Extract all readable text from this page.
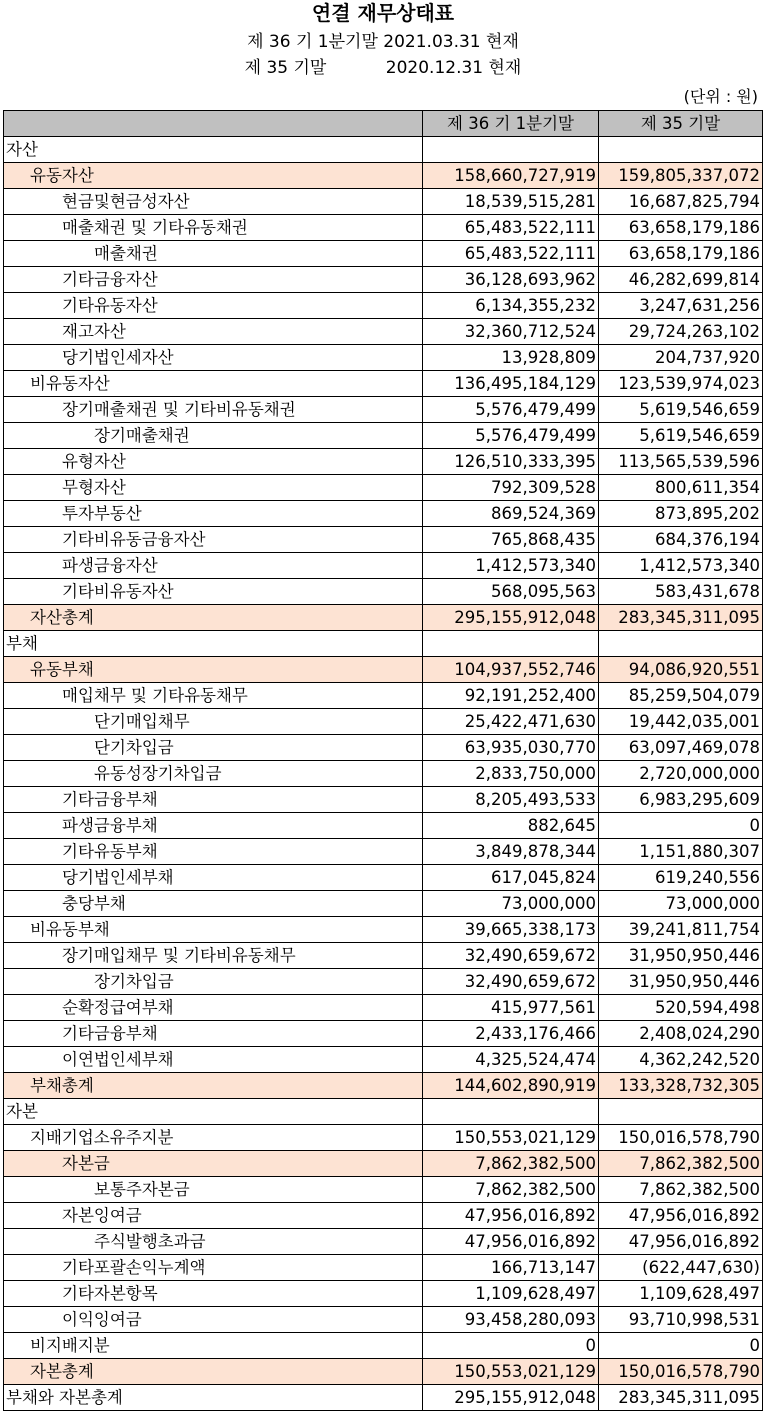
연결 재무상태표
제 36 기 1분기말 2021.03.31 현재
제 35 기말           2020.12.31 현재
(단위 : 원)
	제 36 기 1분기말	제 35 기말
자산		
유동자산	158,660,727,919	159,805,337,072
현금및현금성자산	18,539,515,281	16,687,825,794
매출채권 및 기타유동채권	65,483,522,111	63,658,179,186
매출채권	65,483,522,111	63,658,179,186
기타금융자산	36,128,693,962	46,282,699,814
기타유동자산	6,134,355,232	3,247,631,256
재고자산	32,360,712,524	29,724,263,102
당기법인세자산	13,928,809	204,737,920
비유동자산	136,495,184,129	123,539,974,023
장기매출채권 및 기타비유동채권	5,576,479,499	5,619,546,659
장기매출채권	5,576,479,499	5,619,546,659
유형자산	126,510,333,395	113,565,539,596
무형자산	792,309,528	800,611,354
투자부동산	869,524,369	873,895,202
기타비유동금융자산	765,868,435	684,376,194
파생금융자산	1,412,573,340	1,412,573,340
기타비유동자산	568,095,563	583,431,678
자산총계	295,155,912,048	283,345,311,095
부채		
유동부채	104,937,552,746	94,086,920,551
매입채무 및 기타유동채무	92,191,252,400	85,259,504,079
단기매입채무	25,422,471,630	19,442,035,001
단기차입금	63,935,030,770	63,097,469,078
유동성장기차입금	2,833,750,000	2,720,000,000
기타금융부채	8,205,493,533	6,983,295,609
파생금융부채	882,645	0
기타유동부채	3,849,878,344	1,151,880,307
당기법인세부채	617,045,824	619,240,556
충당부채	73,000,000	73,000,000
비유동부채	39,665,338,173	39,241,811,754
장기매입채무 및 기타비유동채무	32,490,659,672	31,950,950,446
장기차입금	32,490,659,672	31,950,950,446
순확정급여부채	415,977,561	520,594,498
기타금융부채	2,433,176,466	2,408,024,290
이연법인세부채	4,325,524,474	4,362,242,520
부채총계	144,602,890,919	133,328,732,305
자본		
지배기업소유주지분	150,553,021,129	150,016,578,790
자본금	7,862,382,500	7,862,382,500
보통주자본금	7,862,382,500	7,862,382,500
자본잉여금	47,956,016,892	47,956,016,892
주식발행초과금	47,956,016,892	47,956,016,892
기타포괄손익누계액	166,713,147	(622,447,630)
기타자본항목	1,109,628,497	1,109,628,497
이익잉여금	93,458,280,093	93,710,998,531
비지배지분	0	0
자본총계	150,553,021,129	150,016,578,790
부채와 자본총계	295,155,912,048	283,345,311,095
